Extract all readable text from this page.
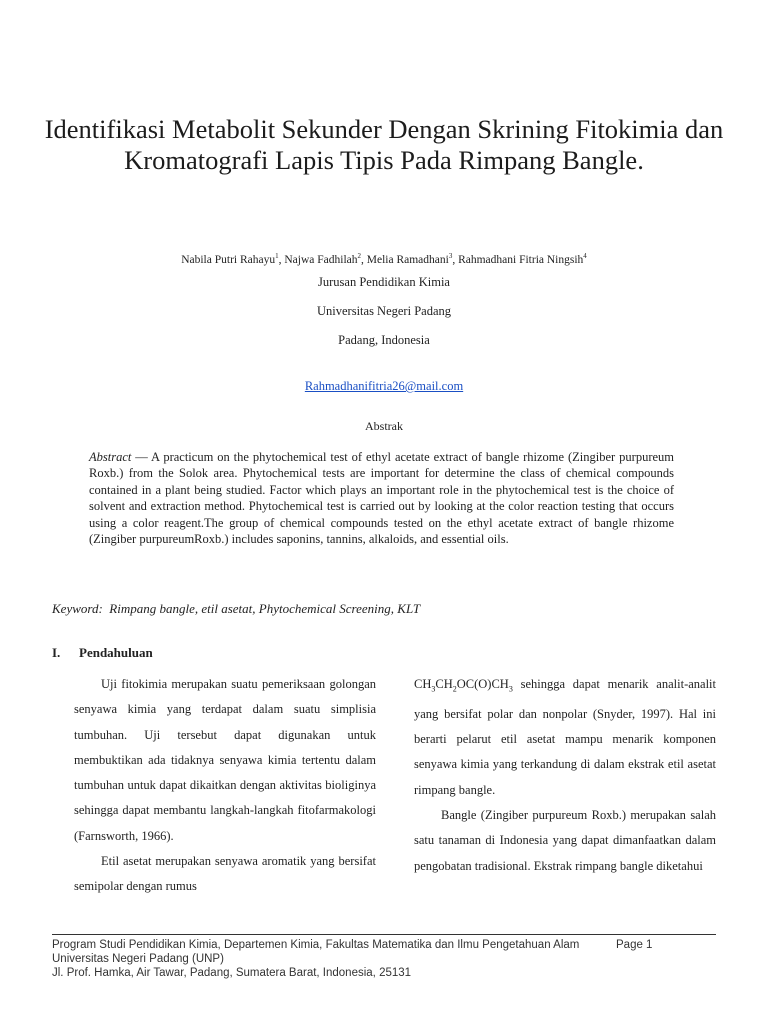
Identifikasi Metabolit Sekunder Dengan Skrining Fitokimia dan Kromatografi Lapis Tipis Pada Rimpang Bangle.
Nabila Putri Rahayu$^1$, Najwa Fadhilah$^2$, Melia Ramadhani$^3$, Rahmadhani Fitria Ningsih$^4$
Jurusan Pendidikan Kimia
Universitas Negeri Padang
Padang, Indonesia
Rahmadhanifitria26@mail.com
Abstrak
Abstract — A practicum on the phytochemical test of ethyl acetate extract of bangle rhizome (Zingiber purpureum Roxb.) from the Solok area. Phytochemical tests are important for determine the class of chemical compounds contained in a plant being studied. Factor which plays an important role in the phytochemical test is the choice of solvent and extraction method. Phytochemical test is carried out by looking at the color reaction testing that occurs using a color reagent.The group of chemical compounds tested on the ethyl acetate extract of bangle rhizome (Zingiber purpureumRoxb.) includes saponins, tannins, alkaloids, and essential oils.
Keyword: Rimpang bangle, etil asetat, Phytochemical Screening, KLT
I. Pendahuluan

Uji fitokimia merupakan suatu pemeriksaan golongan senyawa kimia yang terdapat dalam suatu simplisia tumbuhan. Uji tersebut dapat digunakan untuk membuktikan ada tidaknya senyawa kimia tertentu dalam tumbuhan untuk dapat dikaitkan dengan aktivitas bioliginya sehingga dapat membantu langkah-langkah fitofarmakologi (Farnsworth, 1966).

Etil asetat merupakan senyawa aromatik yang bersifat semipolar dengan rumus

$CH_3CH_2OC(O)CH_3$ sehingga dapat menarik analit-analit yang bersifat polar dan nonpolar (Snyder, 1997). Hal ini berarti pelarut etil asetat mampu menarik komponen senyawa kimia yang terkandung di dalam ekstrak etil asetat rimpang bangle.

Bangle (Zingiber purpureum Roxb.) merupakan salah satu tanaman di Indonesia yang dapat dimanfaatkan dalam pengobatan tradisional. Ekstrak rimpang bangle diketahui

Program Studi Pendidikan Kimia, Departemen Kimia, Fakultas Matematika dan Ilmu Pengetahuan Alam	Page 1
Universitas Negeri Padang (UNP)
Jl. Prof. Hamka, Air Tawar, Padang, Sumatera Barat, Indonesia, 25131
